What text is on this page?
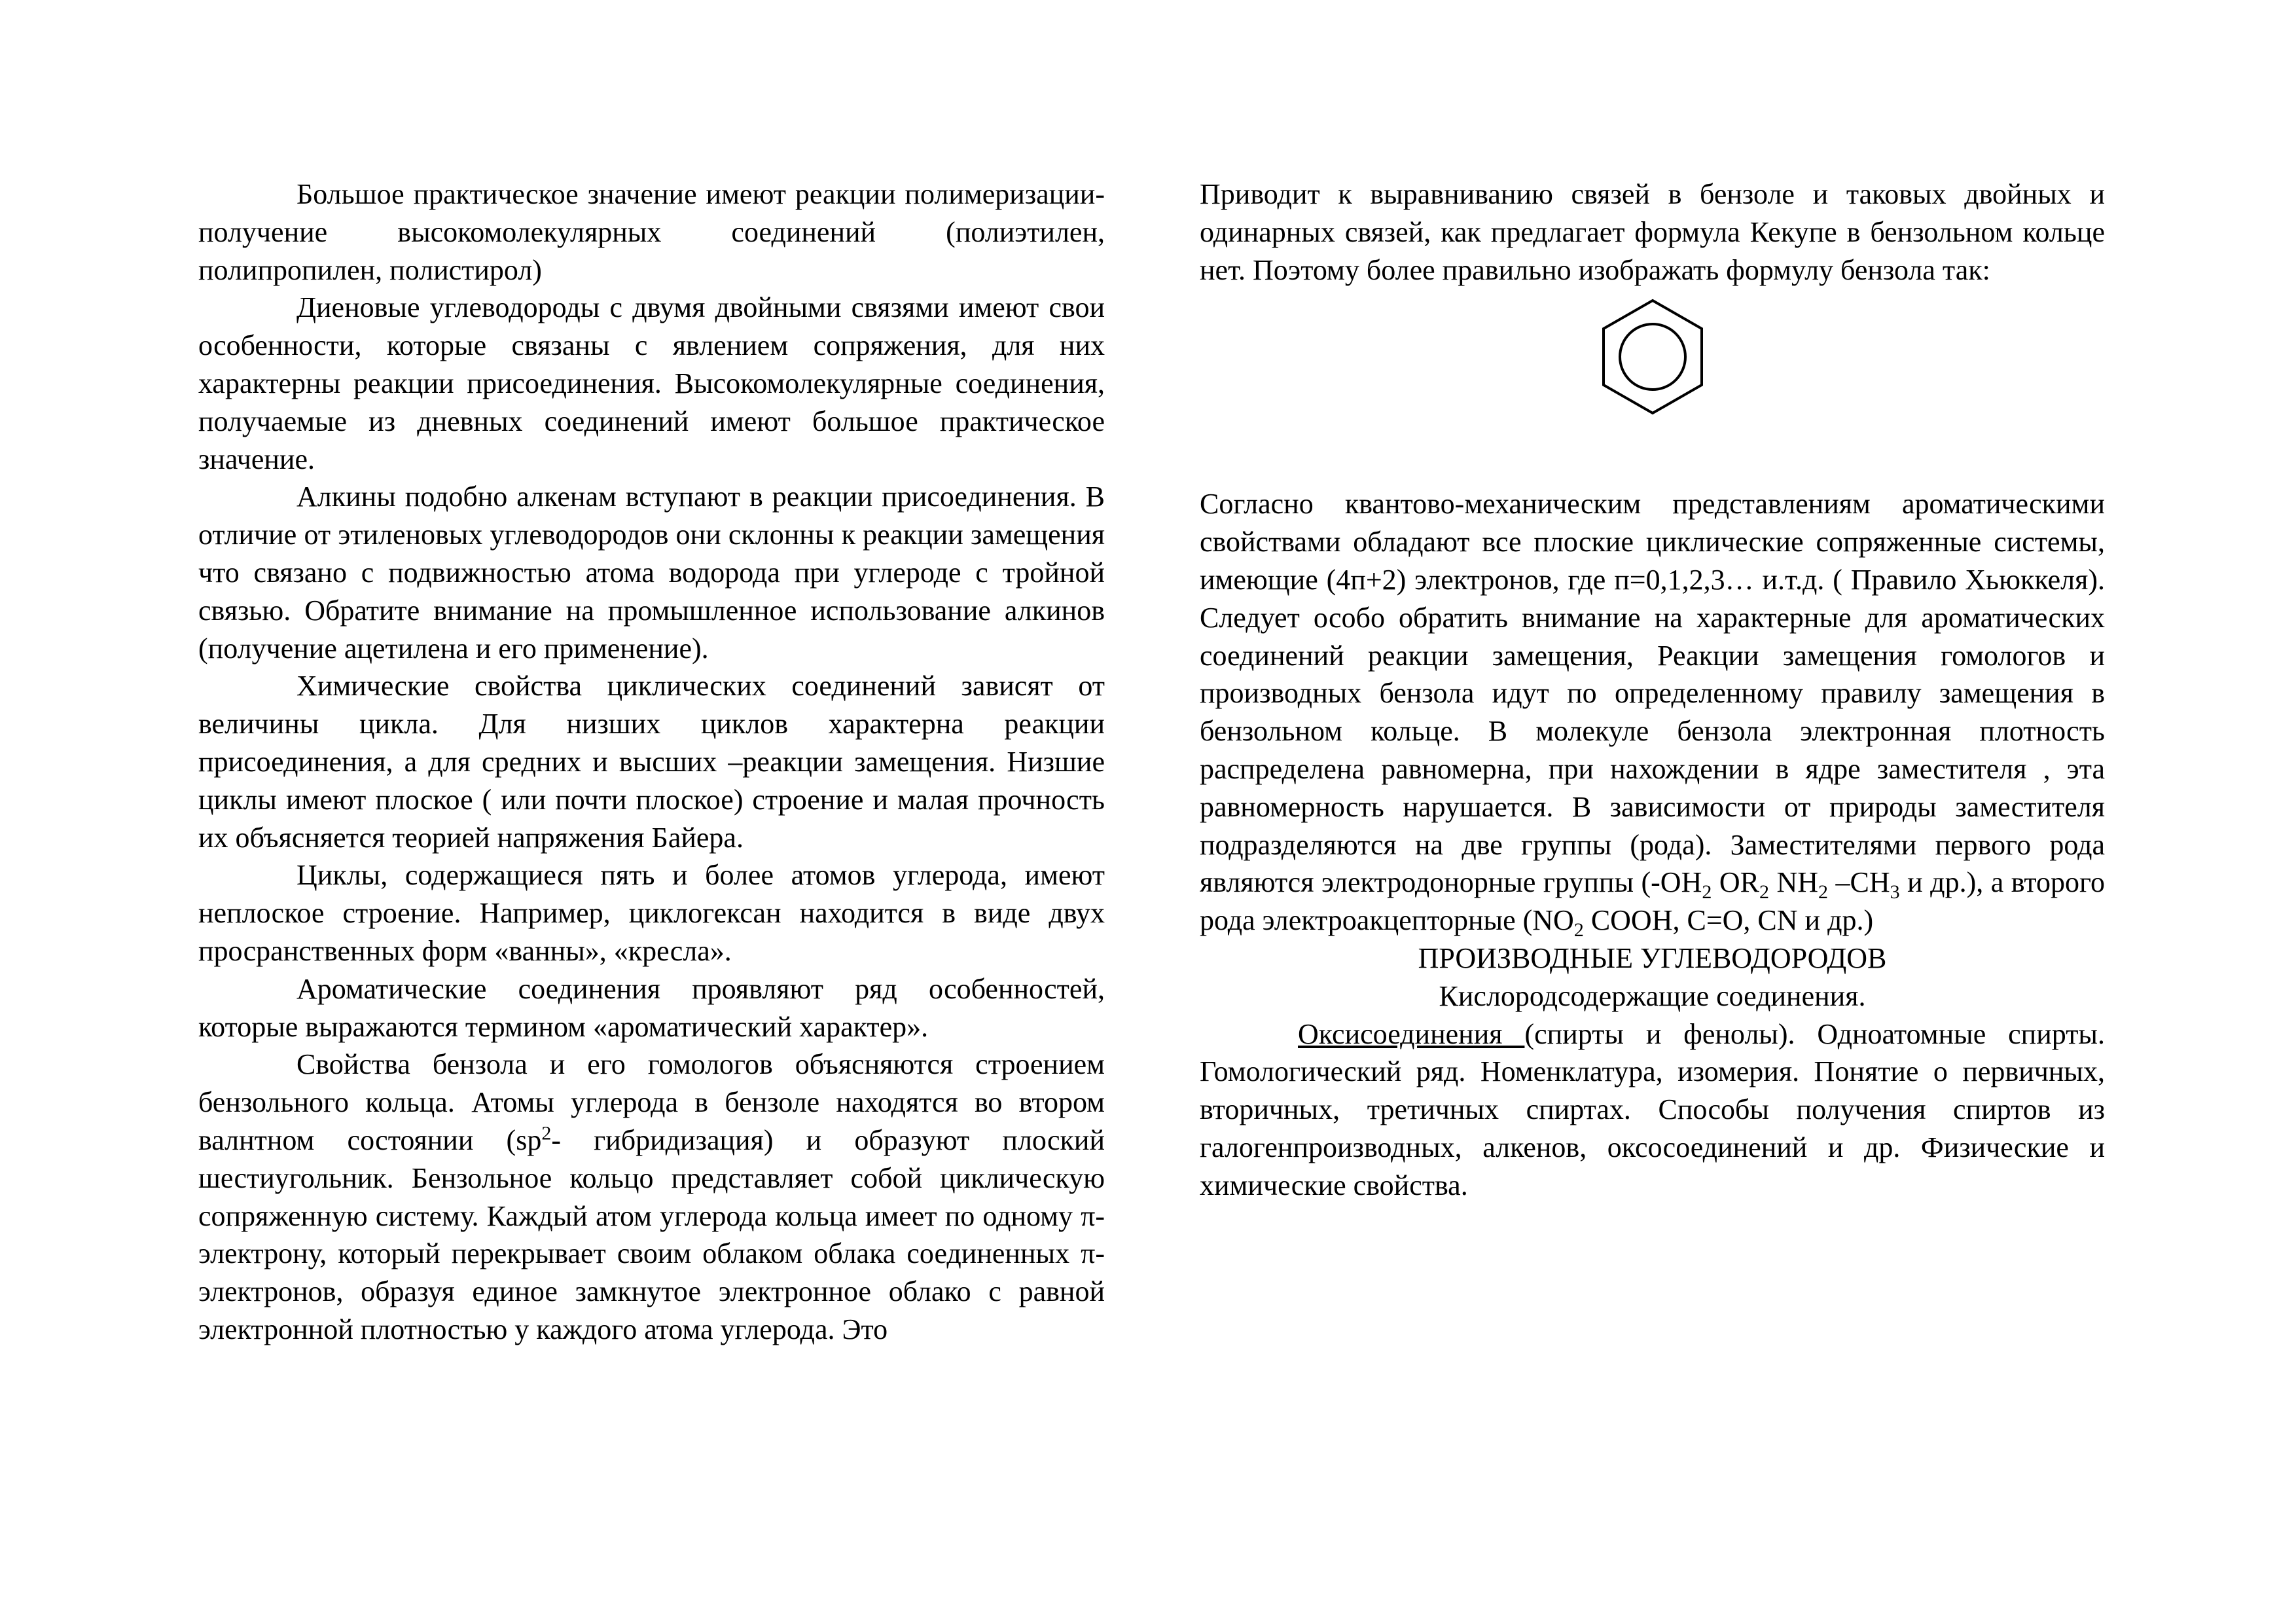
Большое практическое значение имеют реакции полимеризации-получение высокомолекулярных соединений (полиэтилен, полипропилен, полистирол)

Диеновые углеводороды с двумя двойными связями имеют свои особенности, которые связаны с явлением сопряжения, для них характерны реакции присоединения. Высокомолекулярные соединения, получаемые из дневных соединений имеют большое практическое значение.

Алкины подобно алкенам вступают в реакции присоединения. В отличие от этиленовых углеводородов они склонны к реакции замещения что связано с подвижностью атома водорода при углероде с тройной связью. Обратите внимание на промышленное использование алкинов (получение ацетилена и его применение).

Химические свойства циклических соединений зависят от величины цикла. Для низших циклов характерна реакции присоединения, а для средних и высших –реакции замещения. Низшие циклы имеют плоское ( или почти плоское) строение и малая прочность их объясняется теорией напряжения Байера.

Циклы, содержащиеся пять и более атомов углерода, имеют неплоское строение. Например, циклогексан находится в виде двух просранственных форм «ванны», «кресла».

Ароматические соединения проявляют ряд особенностей, которые выражаются термином «ароматический характер».

Свойства бензола и его гомологов объясняются строением бензольного кольца. Атомы углерода в бензоле находятся во втором валнтном состоянии ($sp^2-$ гибридизация) и образуют плоский шестиугольник. Бензольное кольцо представляет собой циклическую сопряженную систему. Каждый атом углерода кольца имеет по одному π-электрону, который перекрывает своим облаком облака соединенных π-электронов, образуя единое замкнутое электронное облако с равной электронной плотностью у каждого атома углерода. Это

Приводит к выравниванию связей в бензоле и таковых двойных и одинарных связей, как предлагает формула Кекупе в бензольном кольце нет. Поэтому более правильно изображать формулу бензола так:

Согласно квантово-механическим представлениям ароматическими свойствами обладают все плоские циклические сопряженные системы, имеющие (4п+2) электронов, где п=0,1,2,3… и.т.д. ( Правило Хьюккеля). Следует особо обратить внимание на характерные для ароматических соединений реакции замещения, Реакции замещения гомологов и производных бензола идут по определенному правилу замещения в бензольном кольце. В молекуле бензола электронная плотность распределена равномерна, при нахождении в ядре заместителя , эта равномерность нарушается. В зависимости от природы заместителя подразделяются на две группы (рода). Заместителями первого рода являются электродонорные группы ($-OH_2$ $OR_2$ $NH_2$ $-CH_3$ и др.), а второго рода электроакцепторные ($NO_2$ COOH, C=O, CN и др.)

ПРОИЗВОДНЫЕ УГЛЕВОДОРОДОВ

Кислородсодержащие соединения.

Оксисоединения (спирты и фенолы). Одноатомные спирты. Гомологический ряд. Номенклатура, изомерия. Понятие о первичных, вторичных, третичных спиртах. Способы получения спиртов из галогенпроизводных, алкенов, оксосоединений и др. Физические и химические свойства.
